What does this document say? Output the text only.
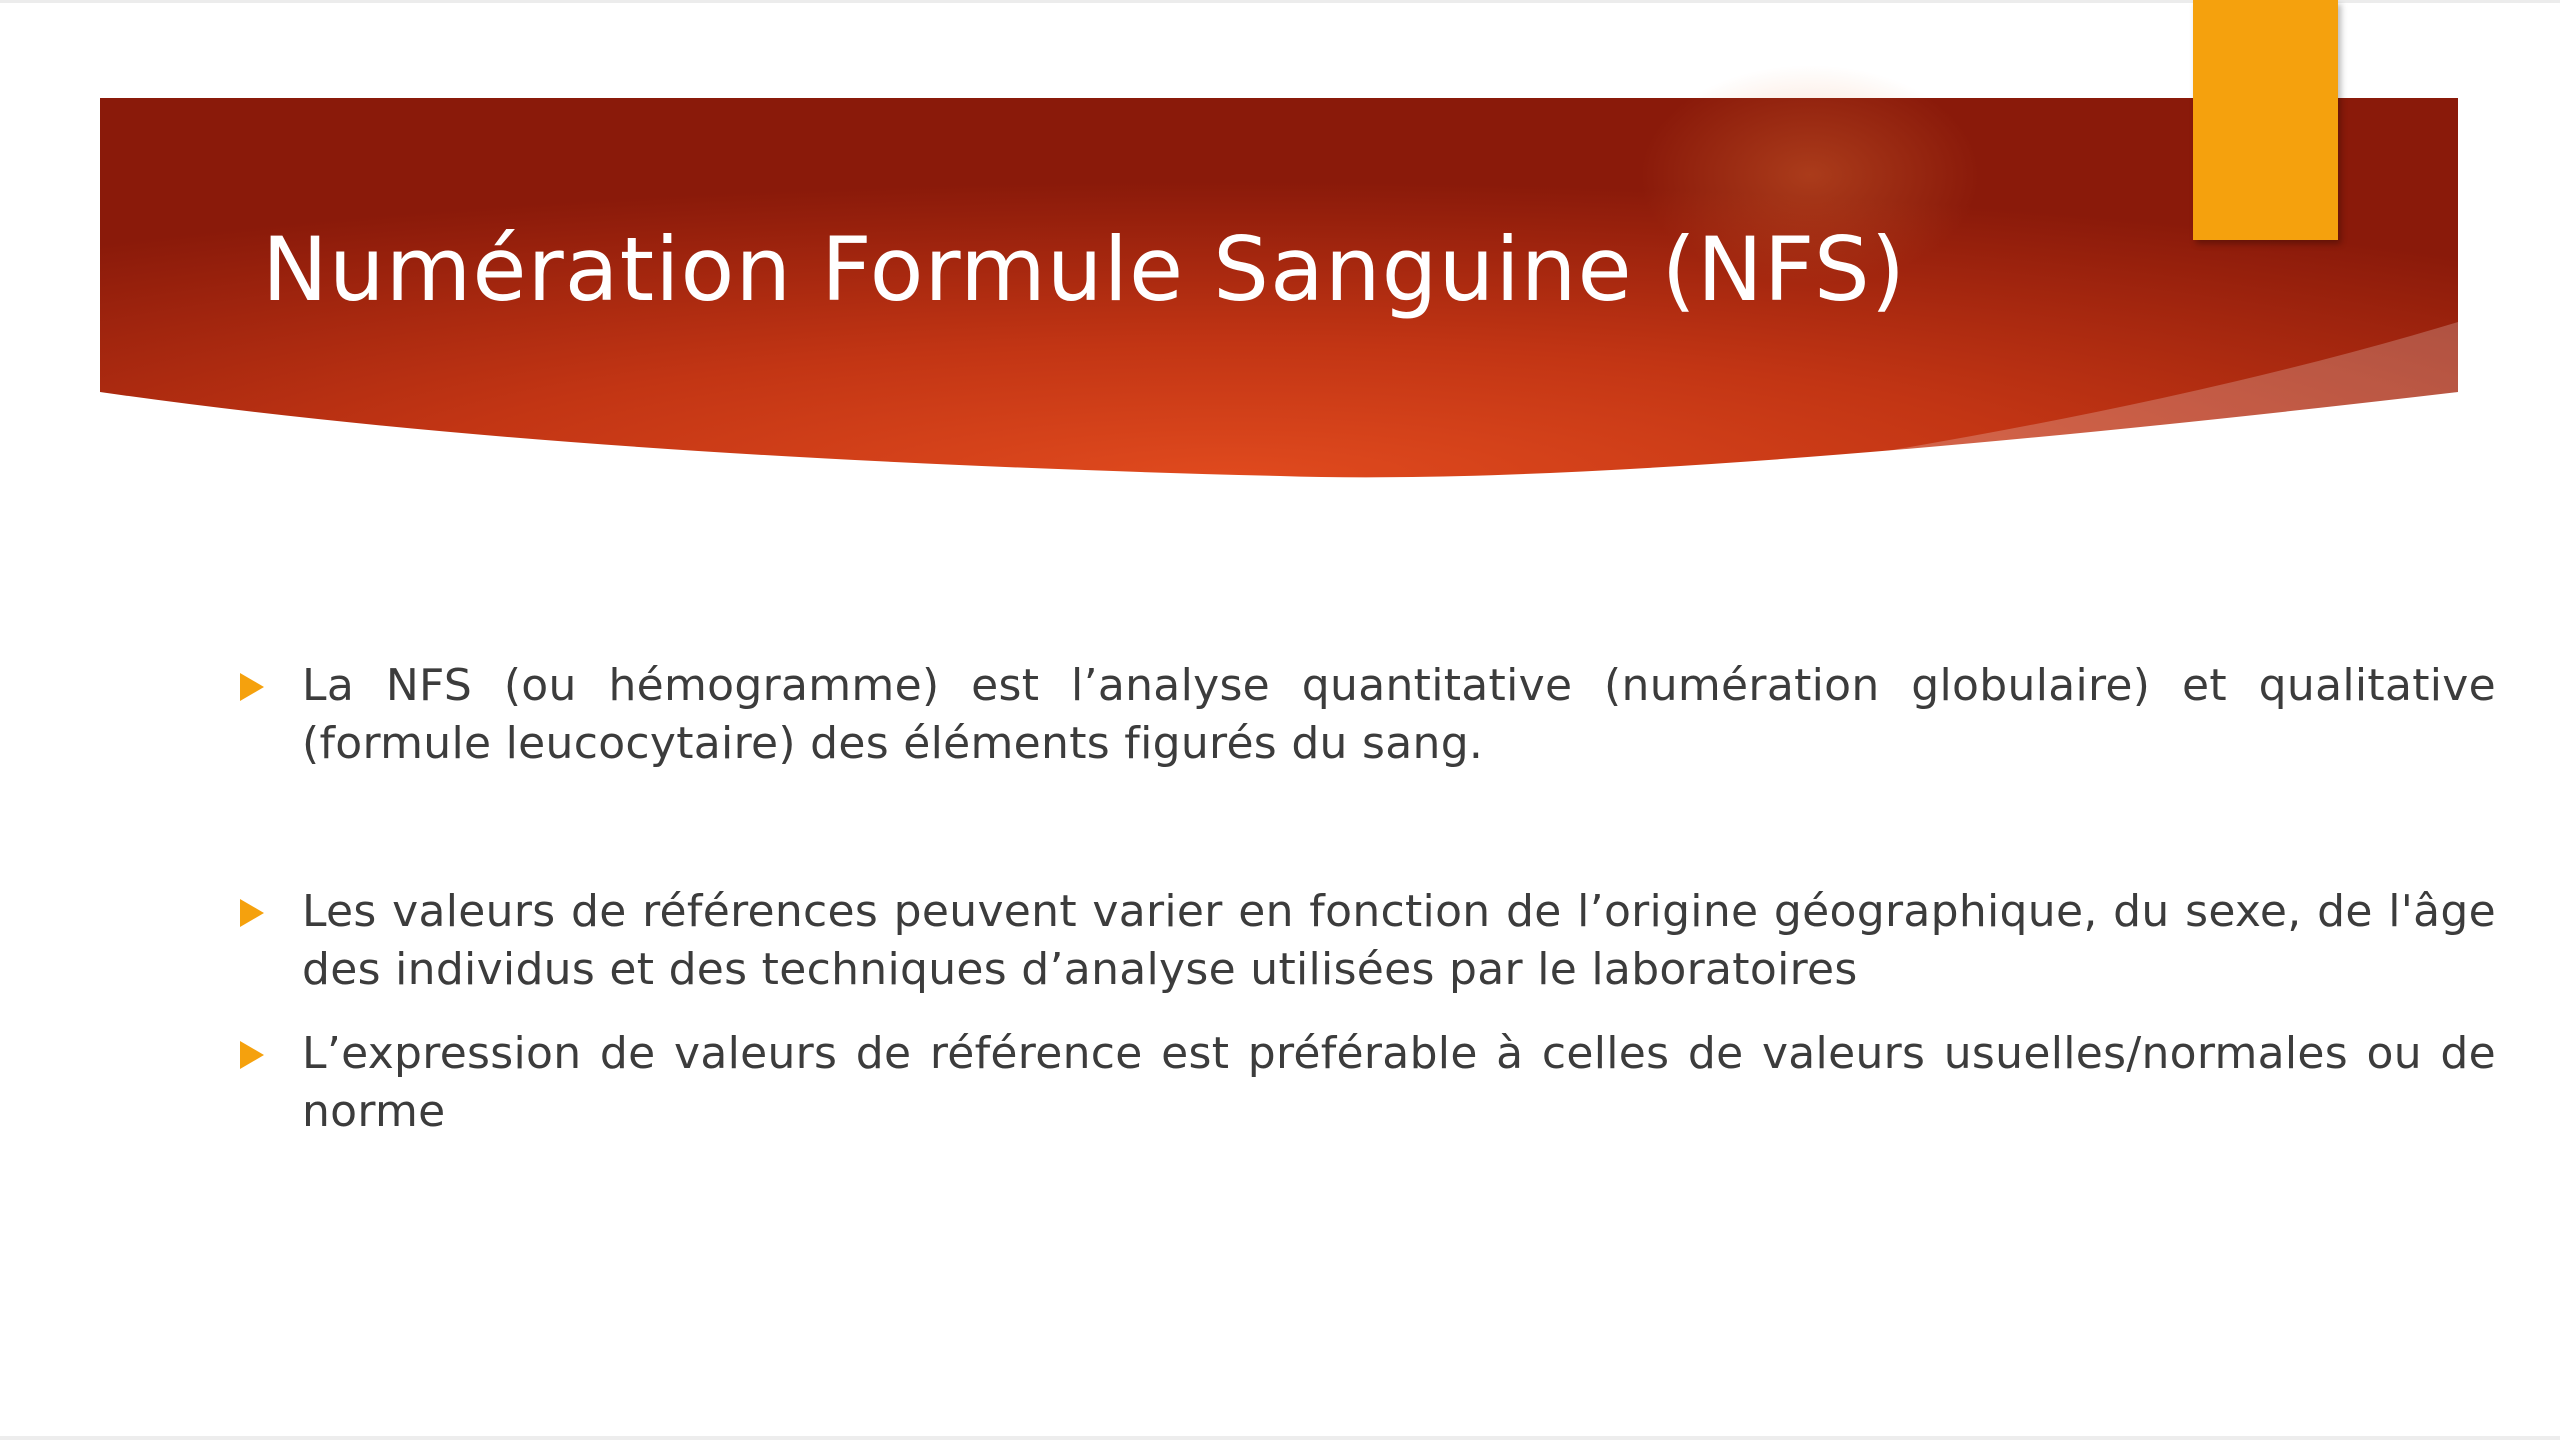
Numération Formule Sanguine (NFS)

La NFS (ou hémogramme) est l’analyse quantitative (numération globulaire) et qualitative (formule leucocytaire) des éléments figurés du sang.

Les valeurs de références peuvent varier en fonction de l’origine géographique, du sexe, de l'âge des individus et des techniques d’analyse utilisées par le laboratoires

L’expression de valeurs de référence est préférable à celles de valeurs usuelles/normales ou de norme
